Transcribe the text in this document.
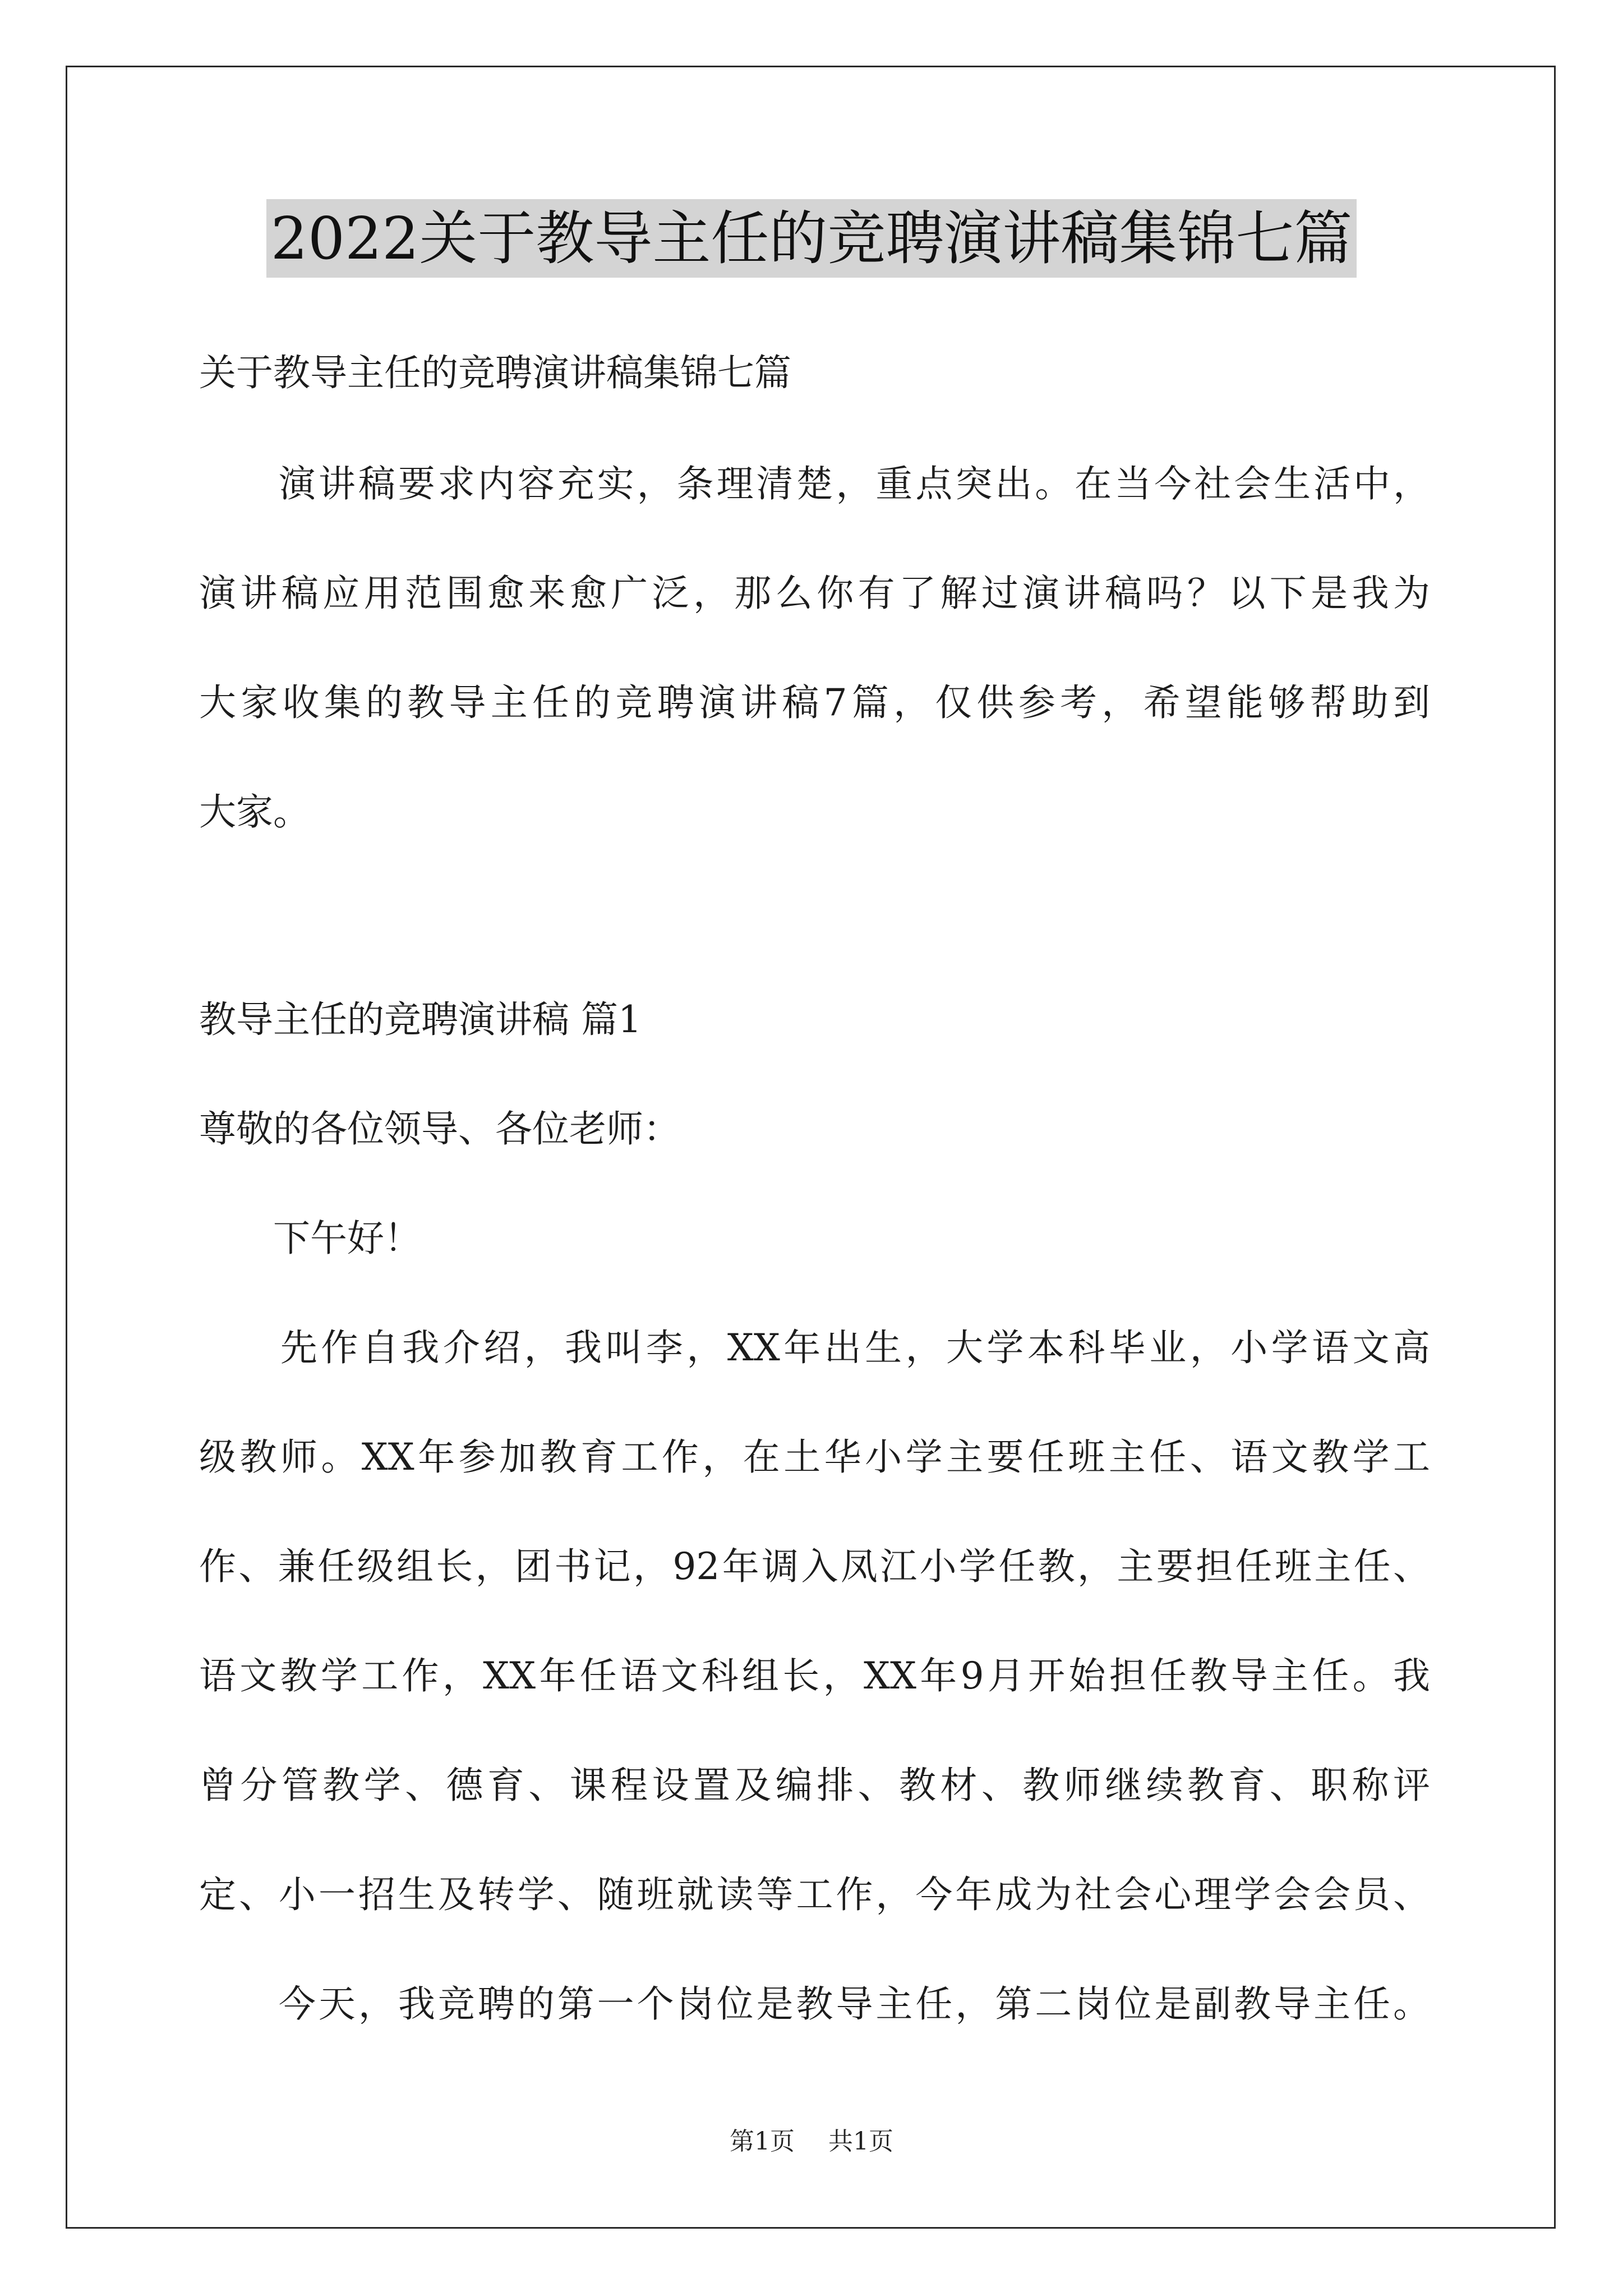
2022关于教导主任的竞聘演讲稿集锦七篇
关于教导主任的竞聘演讲稿集锦七篇
　　演讲稿要求内容充实，条理清楚，重点突出。在当今社会生活中，
演讲稿应用范围愈来愈广泛，那么你有了解过演讲稿吗？以下是我为
大家收集的教导主任的竞聘演讲稿7篇，仅供参考，希望能够帮助到
大家。
教导主任的竞聘演讲稿 篇1
尊敬的各位领导、各位老师：
　　下午好！
　　先作自我介绍，我叫李，XX年出生，大学本科毕业，小学语文高
级教师。XX年参加教育工作，在土华小学主要任班主任、语文教学工
作、兼任级组长，团书记，92年调入凤江小学任教，主要担任班主任、
语文教学工作，XX年任语文科组长，XX年9月开始担任教导主任。我
曾分管教学、德育、课程设置及编排、教材、教师继续教育、职称评
定、小一招生及转学、随班就读等工作，今年成为社会心理学会会员、
　　今天，我竞聘的第一个岗位是教导主任，第二岗位是副教导主任。
第1页 共1页
